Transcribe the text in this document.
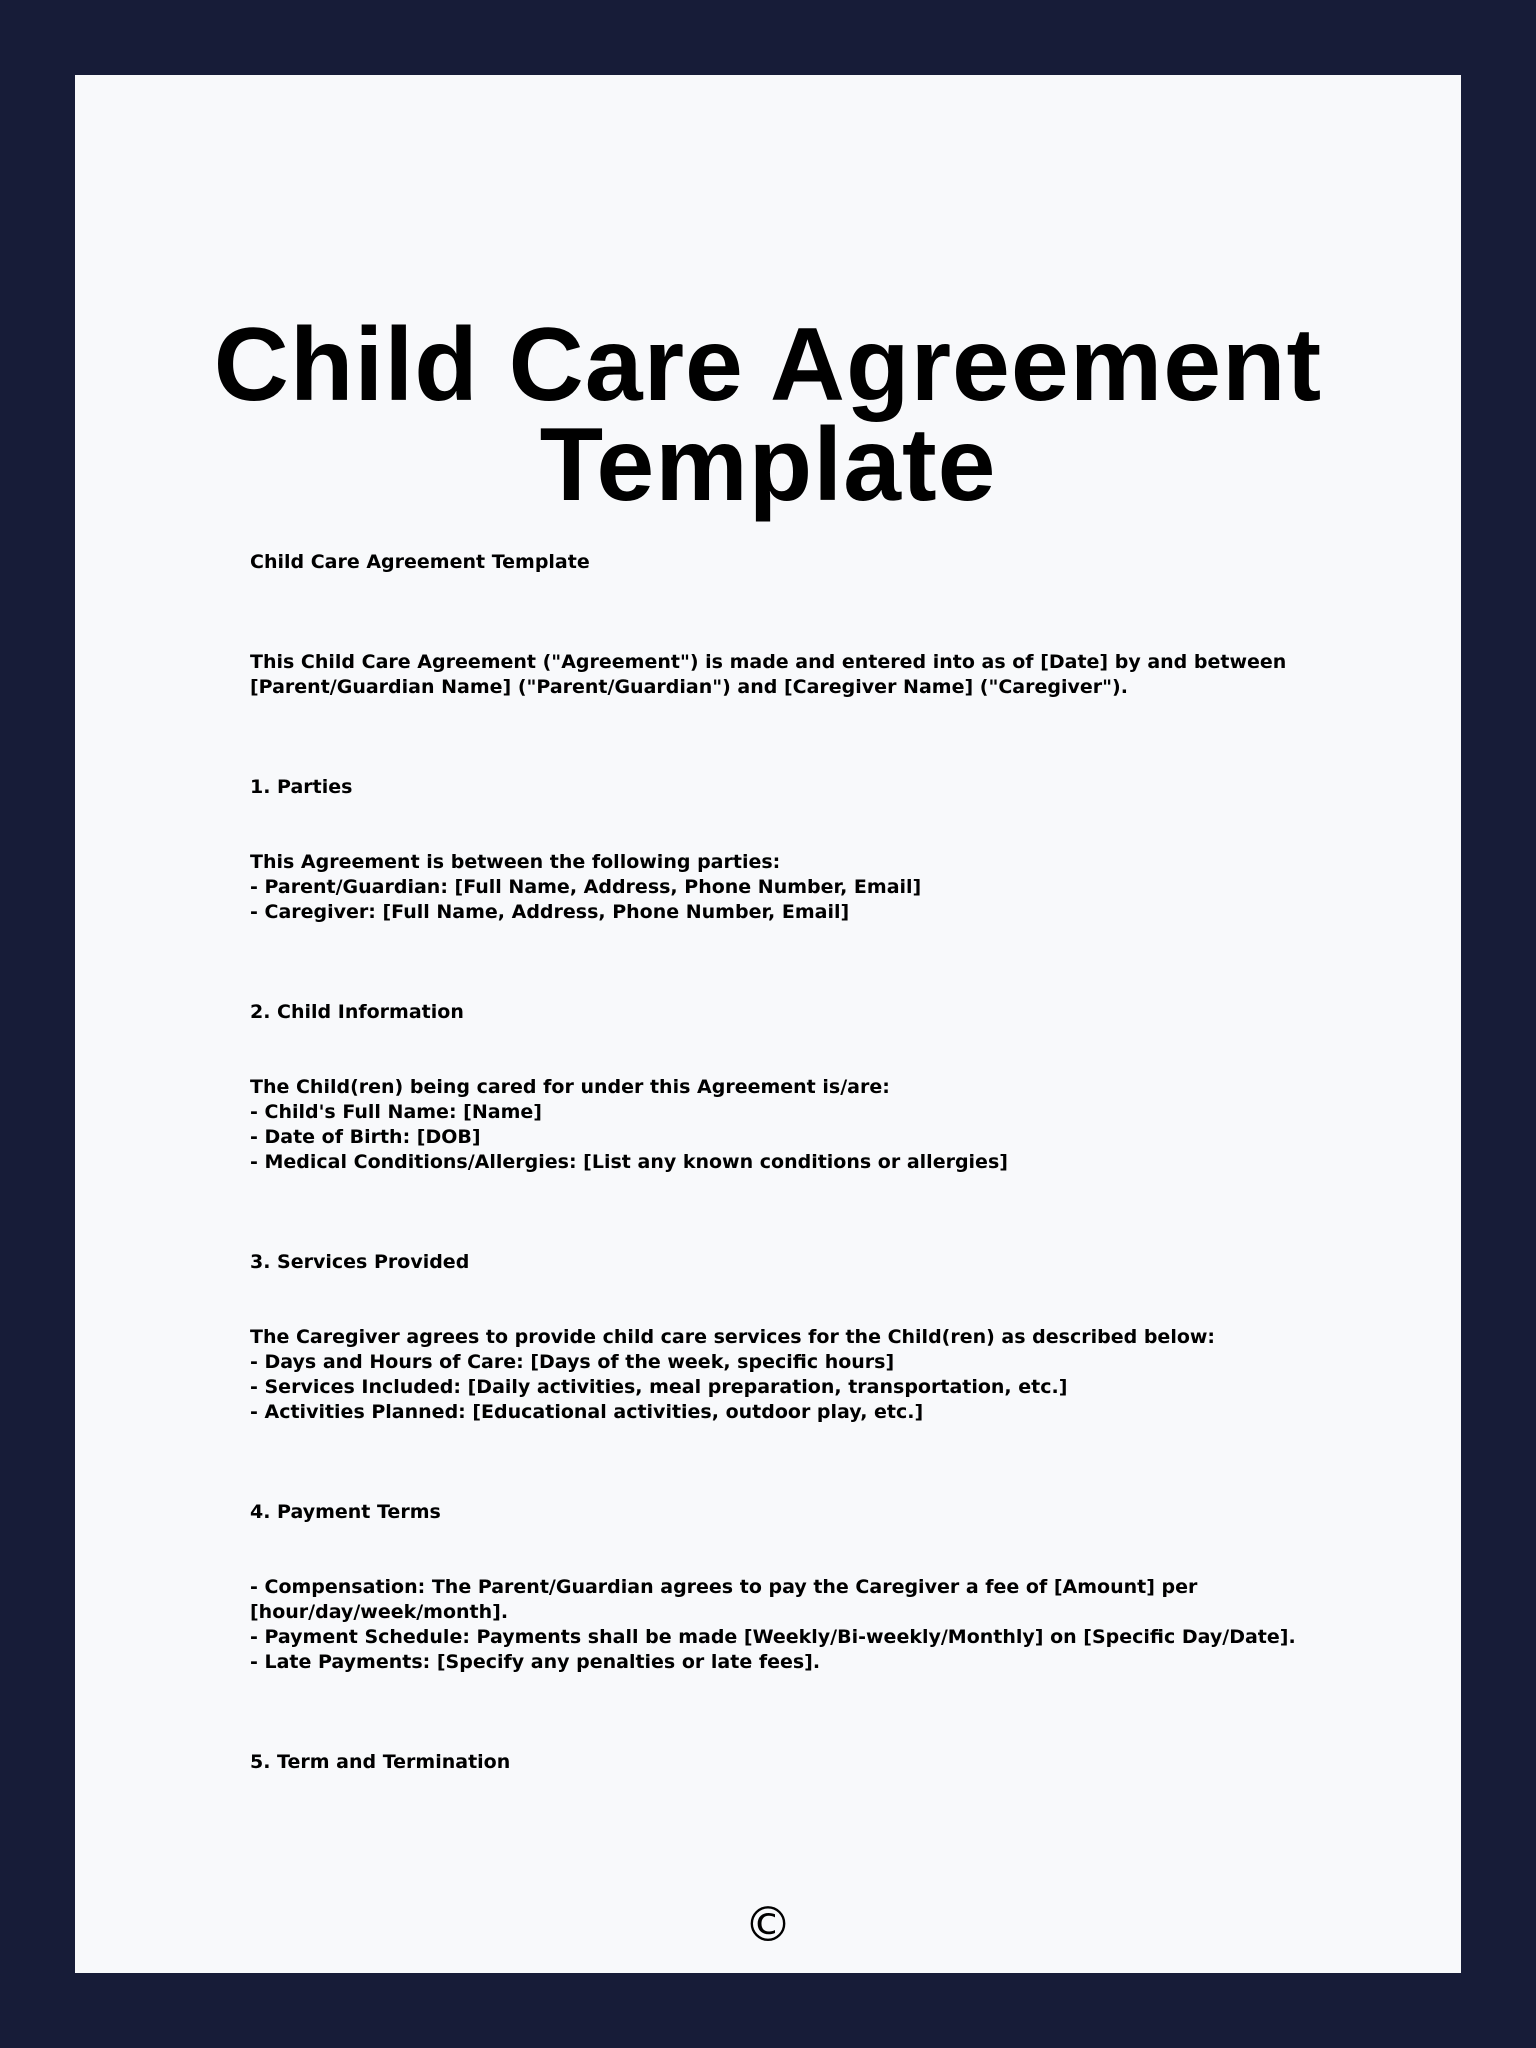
Child Care Agreement
Template

Child Care Agreement Template

This Child Care Agreement ("Agreement") is made and entered into as of [Date] by and between

[Parent/Guardian Name] ("Parent/Guardian") and [Caregiver Name] ("Caregiver").

1. Parties

This Agreement is between the following parties:

- Parent/Guardian: [Full Name, Address, Phone Number, Email]

- Caregiver: [Full Name, Address, Phone Number, Email]

2. Child Information

The Child(ren) being cared for under this Agreement is/are:

- Child's Full Name: [Name]

- Date of Birth: [DOB]

- Medical Conditions/Allergies: [List any known conditions or allergies]

3. Services Provided

The Caregiver agrees to provide child care services for the Child(ren) as described below:

- Days and Hours of Care: [Days of the week, specific hours]

- Services Included: [Daily activities, meal preparation, transportation, etc.]

- Activities Planned: [Educational activities, outdoor play, etc.]

4. Payment Terms

- Compensation: The Parent/Guardian agrees to pay the Caregiver a fee of [Amount] per

[hour/day/week/month].

- Payment Schedule: Payments shall be made [Weekly/Bi-weekly/Monthly] on [Specific Day/Date].

- Late Payments: [Specify any penalties or late fees].

5. Term and Termination

©
